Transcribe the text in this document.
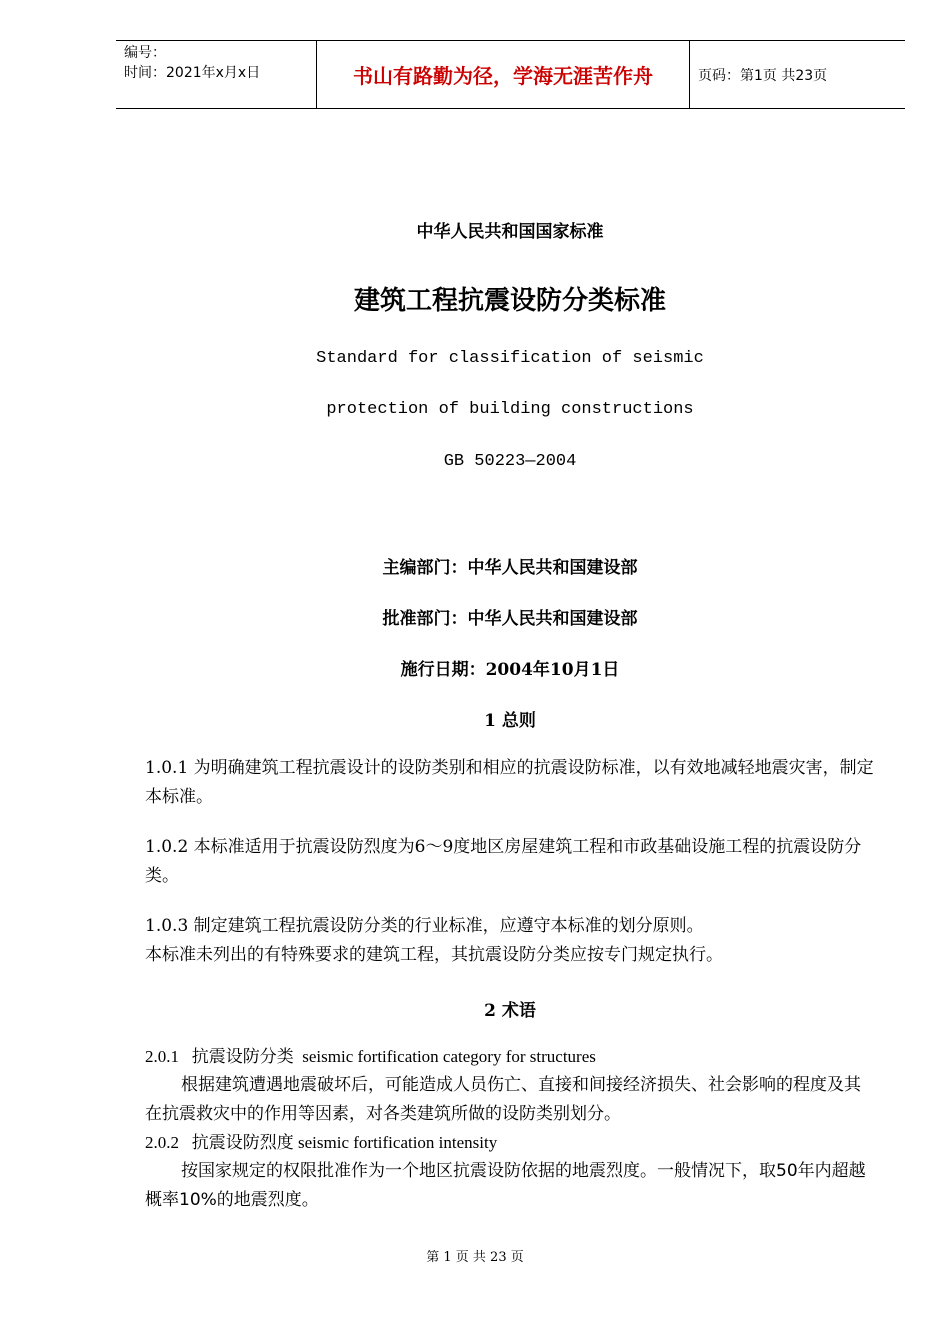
编号：
时间：2021年x月x日	书山有路勤为径，学海无涯苦作舟	页码：第1页 共23页
中华人民共和国国家标准
建筑工程抗震设防分类标准
Standard for classification of seismic
protection of building constructions
GB 50223—2004
主编部门：中华人民共和国建设部
批准部门：中华人民共和国建设部
施行日期：2004年10月1日
1 总则
1.0.1 为明确建筑工程抗震设计的设防类别和相应的抗震设防标准，以有效地减轻地震灾害，制定本标准。
1.0.2 本标准适用于抗震设防烈度为6～9度地区房屋建筑工程和市政基础设施工程的抗震设防分类。
1.0.3 制定建筑工程抗震设防分类的行业标准，应遵守本标准的划分原则。
本标准未列出的有特殊要求的建筑工程，其抗震设防分类应按专门规定执行。
2 术语
2.0.1   抗震设防分类  seismic fortification category for structures
根据建筑遭遇地震破坏后，可能造成人员伤亡、直接和间接经济损失、社会影响的程度及其在抗震救灾中的作用等因素，对各类建筑所做的设防类别划分。
2.0.2   抗震设防烈度 seismic fortification intensity
按国家规定的权限批准作为一个地区抗震设防依据的地震烈度。一般情况下，取50年内超越概率10%的地震烈度。
第 1 页 共 23 页
